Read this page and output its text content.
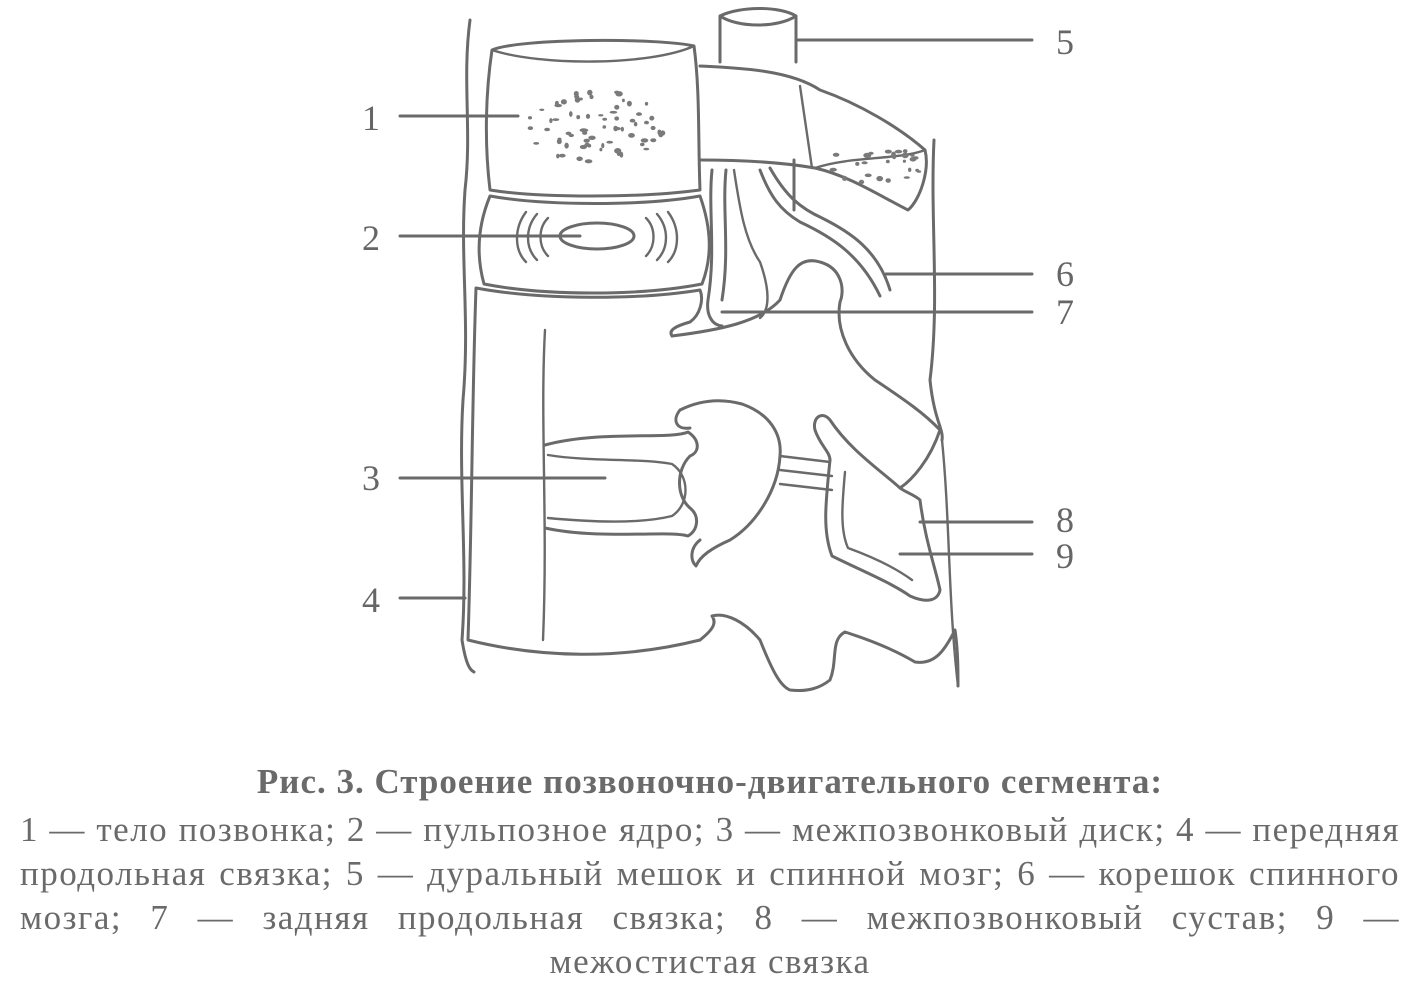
1
2
3
4
5
6
7
8
9

Рис. 3. Строение позвоночно-двигательного сегмента:

1 — тело позвонка; 2 — пульпозное ядро; 3 — межпозвонковый диск; 4 — передняя продольная связка; 5 — дуральный мешок и спинной мозг; 6 — корешок спинного мозга; 7 — задняя продольная связка; 8 — межпозвонковый сустав; 9 — межостистая связка
